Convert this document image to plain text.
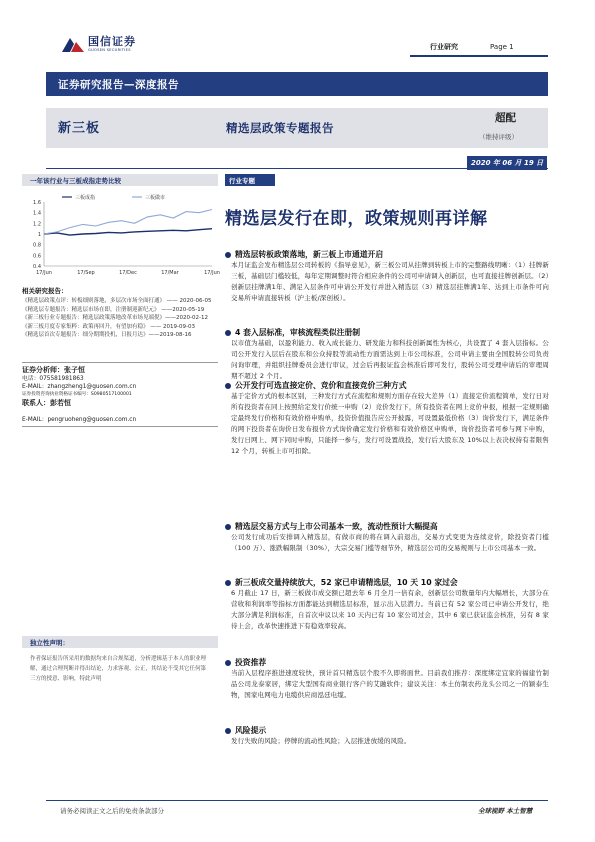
国信证券
GUOSEN SECURITIES	行业研究	Page 1
证券研究报告—深度报告
新三板	精选层政策专题报告
超配
（维持评级）
2020 年 06 月 19 日
一年该行业与三板成指走势比较
0.4
0.6
0.8
1
1.2
1.4
1.6
17/Jun	17/Sep	17/Dec	17/Mar	17/Jun
三板成指	三板做市
相关研究报告：
《精选层政策点评：转板细则落地，多层次市场全面打通》 —— 2020-06-05
《精选层专题报告：精选层市场在即，注册制迎新纪元》 ——2020-05-19
《新三板行业专题报告：精选层政策落地改革市场见端倪》——2020-02-12
《新三板月度专家集粹：政策再回升，有望加有稳》 —— 2019-09-03
《精选层首次专题报告：细分期期投机，日报月达》——2019-08-16
证券分析师：张子恒
电话：075581981863
E-MAIL：zhangzheng1@guosen.com.cn
证券投资咨询执业资格证书编号：S0980517100001
联系人：彭若恒
E-MAIL：pengruoheng@guosen.com.cn
独立性声明：
作者保证报告所采用的数据均来自合规渠道，分析逻辑基于本人的职业理解，通过合理判断并得出结论，力求客观、公正，其结论不受其它任何第三方的授意、影响，特此声明
行业专题
精选层发行在即，政策规则再详解
精选层转板政策落地，新三板上市通道开启
本月证监会发布精选层公司转板的《指导意见》，新三板公司从挂牌到转板上市的完整路线明晰：（1）挂牌新三板，基础层门槛较低，每年定期调整时符合相应条件的公司可申请调入创新层，也可直接挂牌创新层。（2）创新层挂牌满1年、满足入层条件可申请公开发行并进入精选层（3）精选层挂牌满1年、达到上市条件可向交易所申请直接转板（沪主板/深创板）。
4 套入层标准，审核流程类似注册制
以市值为基础，以盈利能力、收入成长能力、研发能力和科技创新属性为核心，共设置了 4 套入层指标。公司公开发行入层后在股东和公众持股等流动性方面需达到上市公司标准，公司申请主要由全国股转公司负责问询审理，并组织挂牌委员会进行审议，过会后再报证监会核准后即可发行，股转公司受理申请后的审理周期不超过 2 个月。
公开发行可选直接定价、竞价和直接竞价三种方式
基于定价方式的根本区别，三种发行方式在流程和规则方面存在较大差异（1）直接定价流程简单，发行日对所有投资者在同上按照给定发行价统一申购（2）竞价发行下，所有投资者在网上竞价申报，根据一定规则确定最终发行价格和有效价格申购单，投资价值报告应公开披露，可设置最低价格（3）询价发行下，满足条件的网下投资者在询价日发布报价方式询价确定发行价格和有效价格区申购单，询价投资者可参与网下申购，发行日网上、网下同时申购，只能择一参与，发行可设置战投，发行后大股东及 10%以上表决权持有者限售 12 个月，转板上市可扣除。
精选层交易方式与上市公司基本一致，流动性预计大幅提高
公司发行成功后安排调入精选层，有做市商的将在调入前退出，交易方式变更为连续竞价，除投资者门槛（100 万）、涨跌幅限制（30%），大宗交易门槛等细节外，精选层公司的交易规则与上市公司基本一致。
新三板成交量持续放大，52 家已申请精选层，10 天 10 家过会
6 月截止 17 日，新三板做市成交额已超去年 6 月全月一倍有余，创新层公司数量年内大幅增长，大部分在营收和利润率等指标方面都能达到精选层标准，显示出入层潜力。当前已有 52 家公司已申请公开发行，绝大部分满足利润标准，自首次申议以来 10 天内已有 10 家公司过会，其中 6 家已获证监会核准，另有 8 家待上会，改革快速推进下有稳效率较高。
投资推荐
当前入层程序推进速度较快，预计首只精选层个股不久即将面世。目前我们推荐：深度绑定宜家的福建竹制品公司龙泰家居，绑定大型国有商业银行客户的艾融软件；建议关注：本土仿制农药龙头公司之一的颖泰生物，国家电网电力电缆供应商泓廷电缆。
风险提示
发行失败的风险；停牌的流动性风险；入层推进放缓的风险。
请务必阅读正文之后的免责条款部分	全球视野 本土智慧
